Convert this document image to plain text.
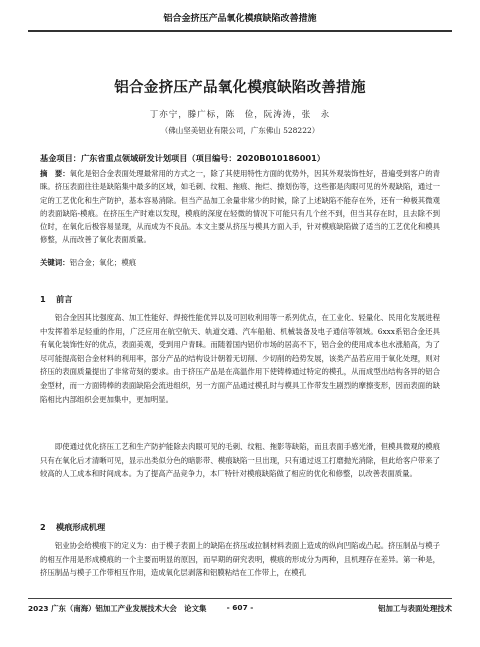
铝合金挤压产品氧化模痕缺陷改善措施
铝合金挤压产品氧化模痕缺陷改善措施
丁亦宁，滕广标，陈　俭，阮涛涛，张　永
（佛山坚美铝业有限公司，广东佛山 528222）
基金项目：广东省重点领域研发计划项目（项目编号：2020B010186001）
摘　要：氧化是铝合金表面处理最常用的方式之一，除了其使用特性方面的优势外，因其外观装饰性好，普遍受到客户的青睐。挤压表面往往是缺陷集中最多的区域，如毛刺、纹粗、拖痕、拖烂、擦划伤等，这些都是肉眼可见的外观缺陷，通过一定的工艺优化和生产防护，基本容易消除。但当产品加工余量非常少的时候，除了上述缺陷不能存在外，还有一种极其微观的表面缺陷-模痕。在挤压生产时难以发现，模痕的深度在轻微的情况下可能只有几个丝不到，但当其存在时，且去除不到位时，在氧化后极容易显现，从而成为不良品。本文主要从挤压与模具方面入手，针对模痕缺陷做了适当的工艺优化和模具修整，从而改善了氧化表面质量。
关键词：铝合金；氧化；模痕
1 前言
铝合金因其比强度高、加工性能好、焊接性能优异以及可回收利用等一系列优点，在工业化、轻量化、民用化发展进程中发挥着举足轻重的作用，广泛应用在航空航天、轨道交通、汽车船舶、机械装备及电子通信等领域。6xxx系铝合金还具有氧化装饰性好的优点，表面美观，受到用户青睐。而随着国内铝价市场的居高不下，铝合金的使用成本也水涨船高，为了尽可能提高铝合金材料的利用率，部分产品的结构设计朝着无切削、少切削的趋势发展，该类产品若应用于氧化处理，则对挤压的表面质量提出了非常苛刻的要求。由于挤压产品是在高温作用下使铸棒通过特定的模孔，从而成型出结构各异的铝合金型材，而一方面铸棒的表面缺陷会流进组织，另一方面产品通过模孔时与模具工作带发生剧烈的摩擦变形，因而表面的缺陷相比内部组织会更加集中，更加明显。
即使通过优化挤压工艺和生产防护能除去肉眼可见的毛刺、纹粗、拖影等缺陷，而且表面手感光滑，但模具微观的模痕只有在氧化后才清晰可见，显示出类似分色的暗影带、模痕缺陷一旦出现，只有通过返工打磨抛光消除，但此给客户带来了较高的人工成本和时间成本。为了提高产品竞争力，本厂特针对模痕缺陷做了相应的优化和修整，以改善表面质量。
2 模痕形成机理
铝业协会给模痕下的定义为：由于模子表面上的缺陷在挤压或拉制材料表面上造成的纵向凹陷或凸起。挤压制品与模子的相互作用是形成模痕的一个主要而明显的原因，而早期的研究表明，模痕的形成分为两种，且机理存在差异。第一种是，挤压制品与模子工作带相互作用，造成氧化层剥落和铝膜粘结在工作带上，在模孔
2023 广东（南海）铝加工产业发展技术大会　论文集	- 607 -	铝加工与表面处理技术
